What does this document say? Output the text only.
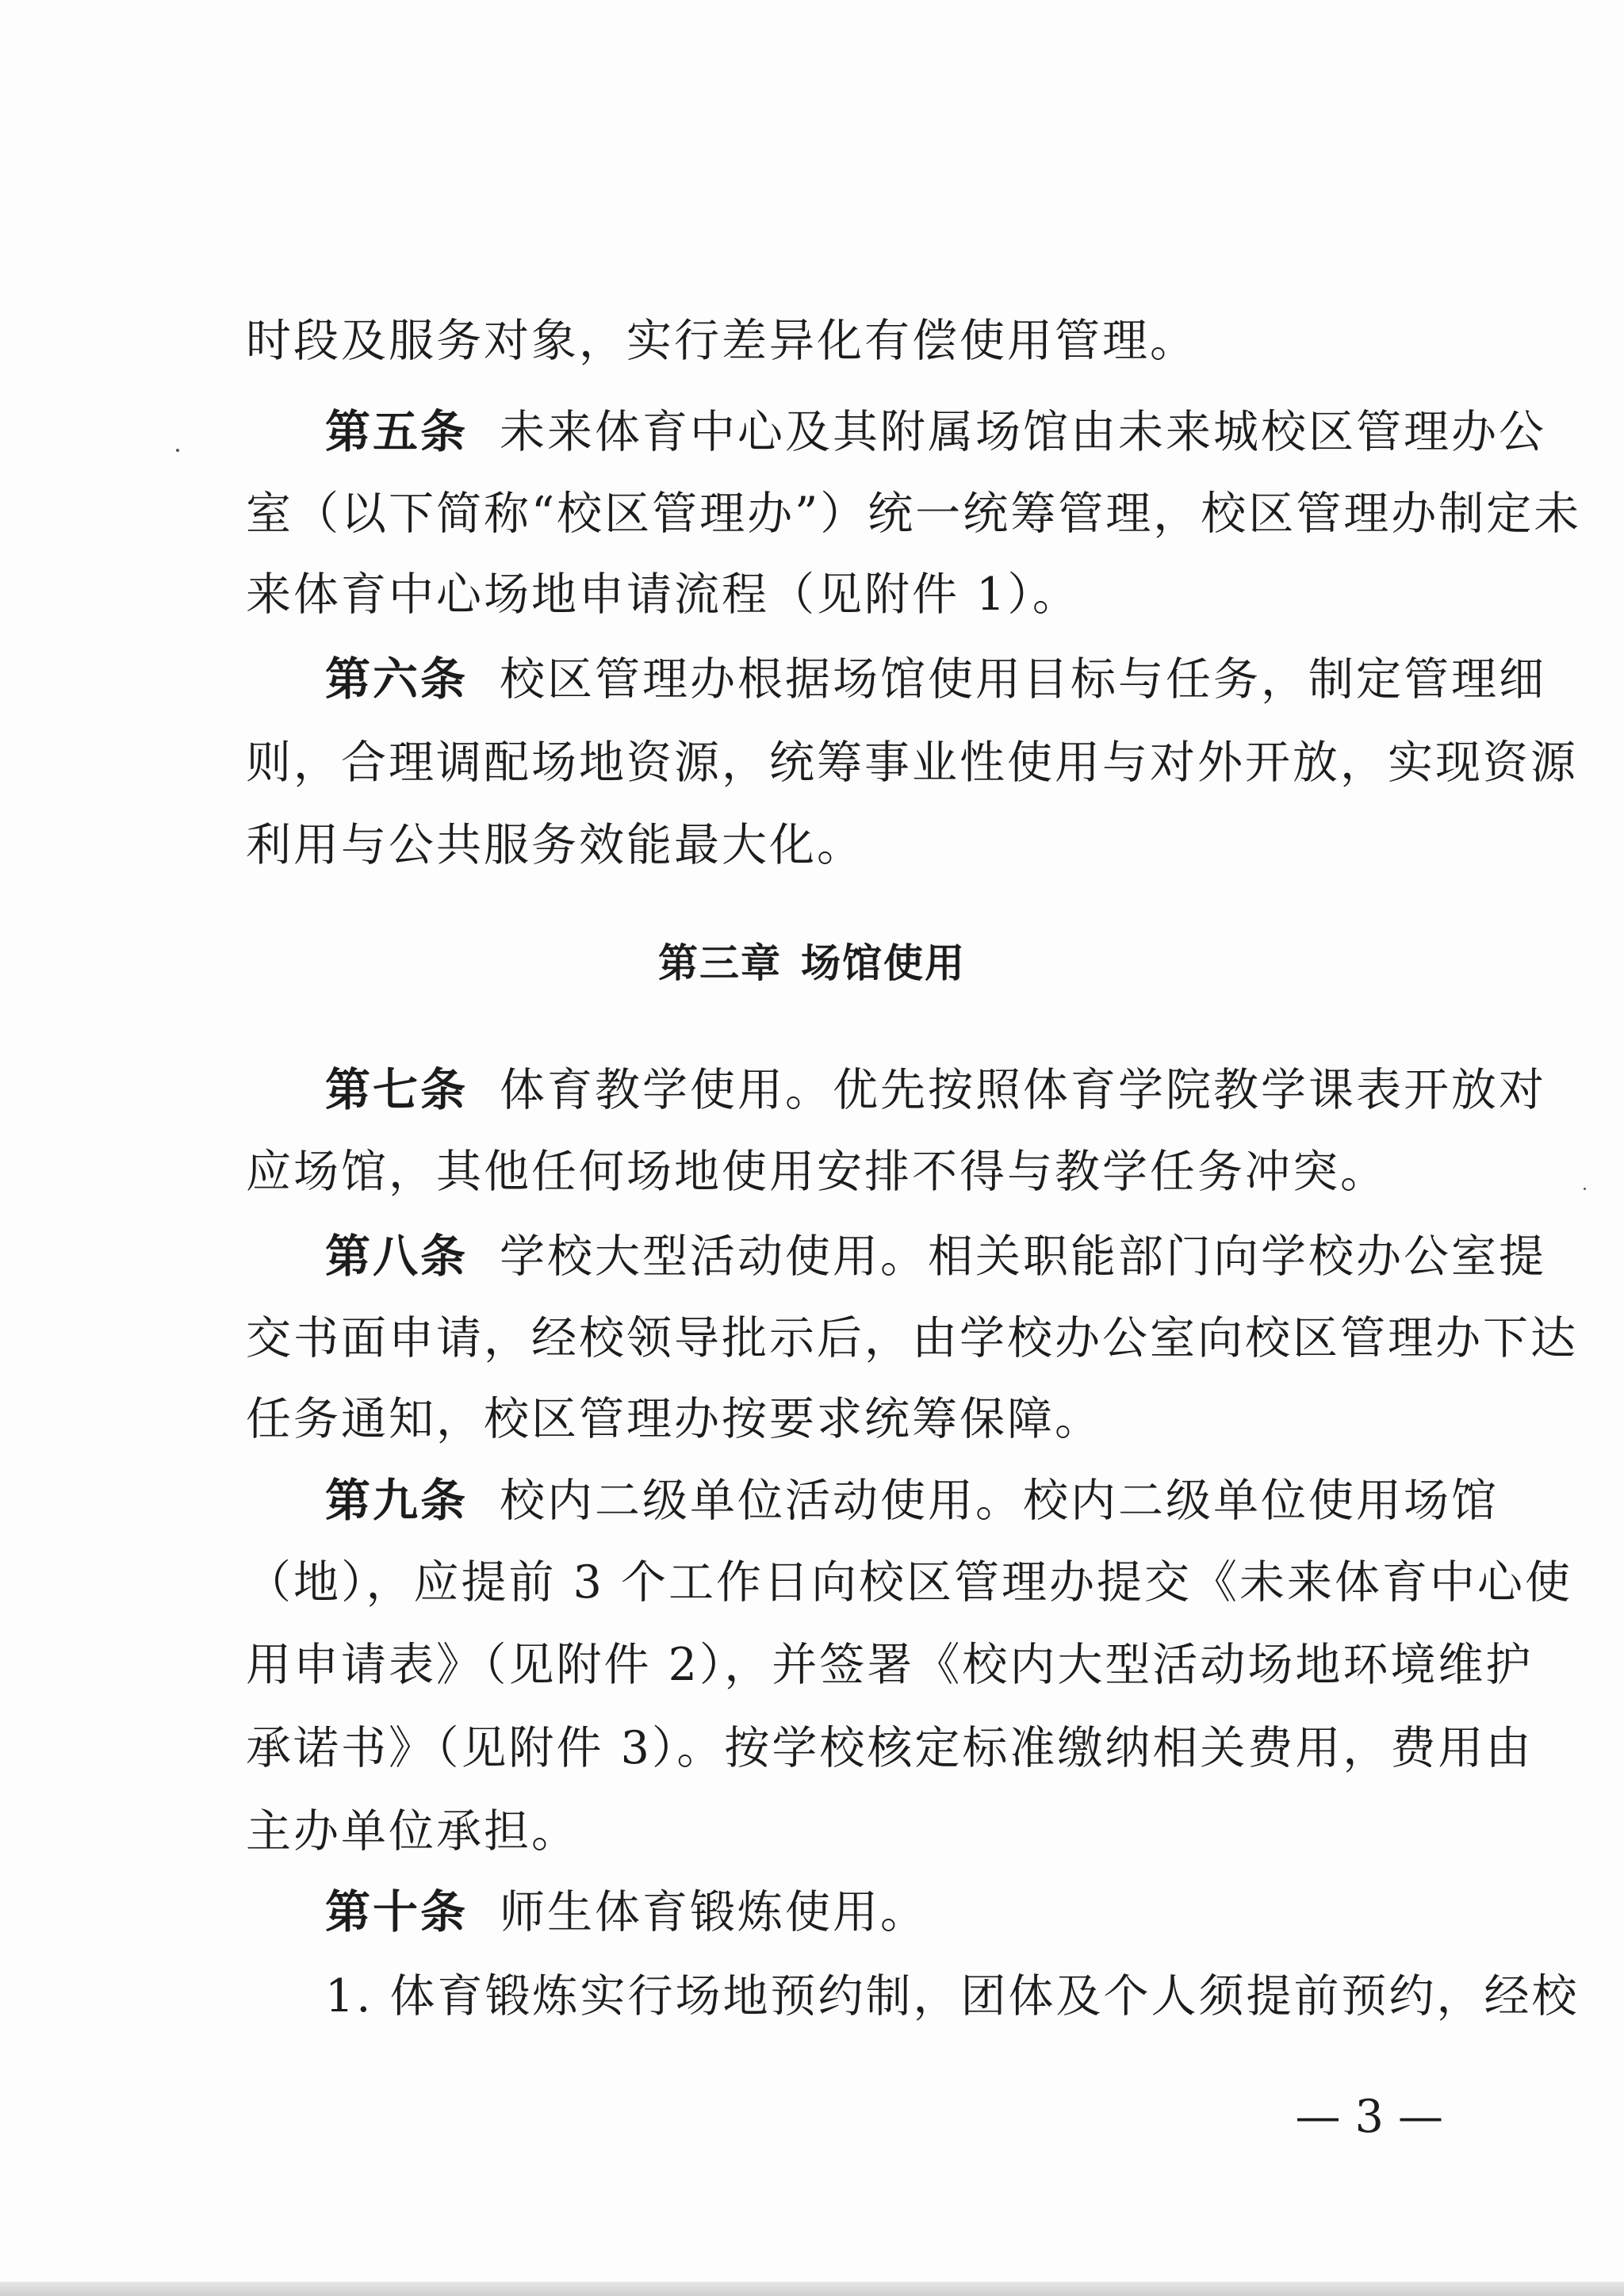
时段及服务对象，实行差异化有偿使用管理。
第五条 未来体育中心及其附属场馆由未来城校区管理办公
室（以下简称“校区管理办”）统一统筹管理，校区管理办制定未
来体育中心场地申请流程（见附件 1）。
第六条 校区管理办根据场馆使用目标与任务，制定管理细
则，合理调配场地资源，统筹事业性使用与对外开放，实现资源
利用与公共服务效能最大化。
第三章 场馆使用
第七条 体育教学使用。优先按照体育学院教学课表开放对
应场馆，其他任何场地使用安排不得与教学任务冲突。
第八条 学校大型活动使用。相关职能部门向学校办公室提
交书面申请，经校领导批示后，由学校办公室向校区管理办下达
任务通知，校区管理办按要求统筹保障。
第九条 校内二级单位活动使用。校内二级单位使用场馆
（地），应提前 3 个工作日向校区管理办提交《未来体育中心使
用申请表》（见附件 2），并签署《校内大型活动场地环境维护
承诺书》（见附件 3）。按学校核定标准缴纳相关费用，费用由
主办单位承担。
第十条 师生体育锻炼使用。
1. 体育锻炼实行场地预约制，团体及个人须提前预约，经校
— 3 —
